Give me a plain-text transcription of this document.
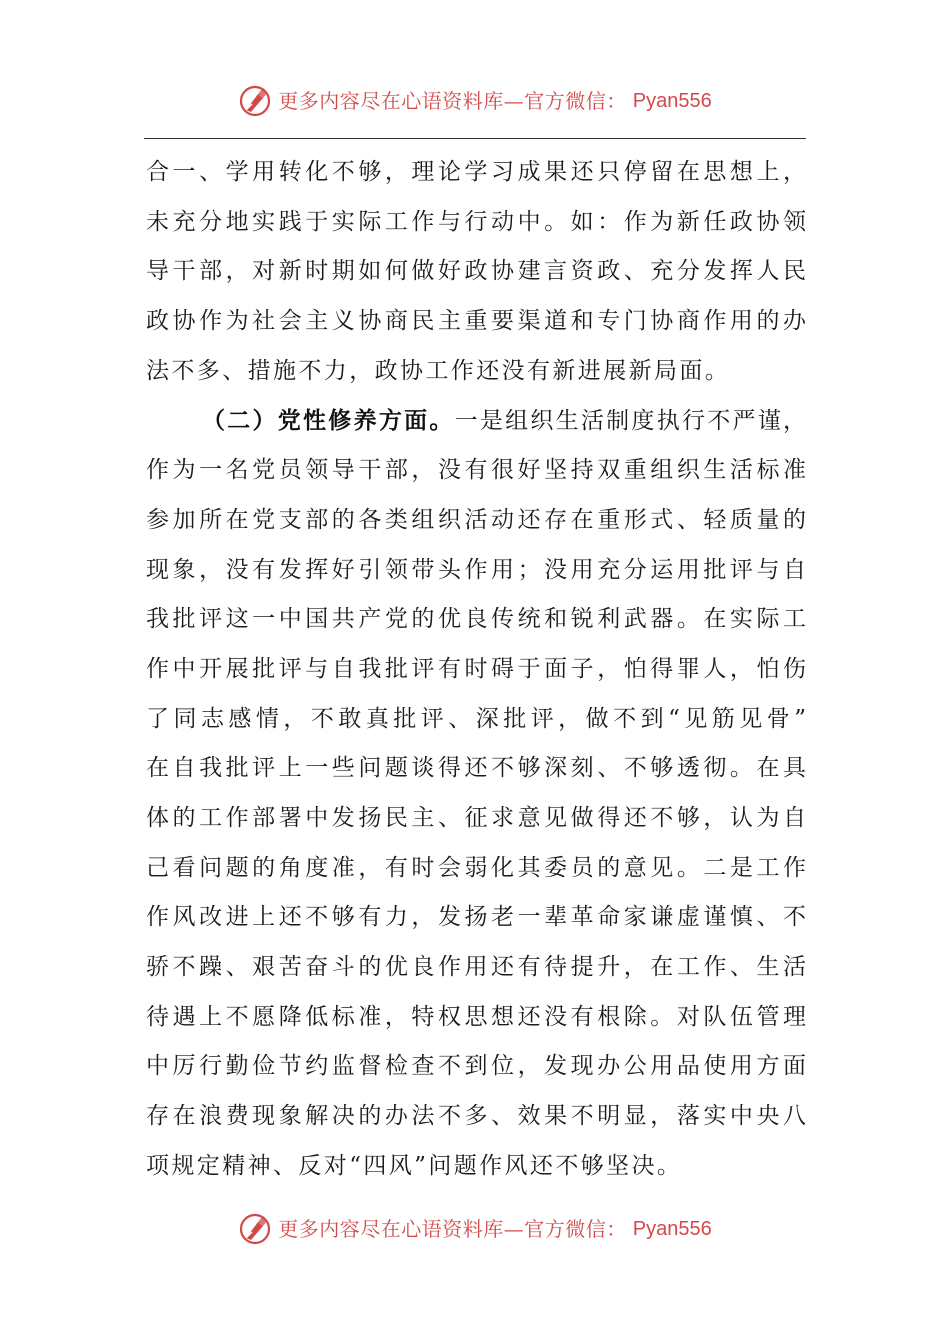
更多内容尽在心语资料库—官方微信： Pyan556
合一、学用转化不够，理论学习成果还只停留在思想上，
未充分地实践于实际工作与行动中。如：作为新任政协领
导干部，对新时期如何做好政协建言资政、充分发挥人民
政协作为社会主义协商民主重要渠道和专门协商作用的办
法不多、措施不力，政协工作还没有新进展新局面。
（二）党性修养方面。一是组织生活制度执行不严谨，
作为一名党员领导干部，没有很好坚持双重组织生活标准
参加所在党支部的各类组织活动还存在重形式、轻质量的
现象，没有发挥好引领带头作用；没用充分运用批评与自
我批评这一中国共产党的优良传统和锐利武器。在实际工
作中开展批评与自我批评有时碍于面子，怕得罪人，怕伤
了同志感情，不敢真批评、深批评，做不到“见筋见骨”
在自我批评上一些问题谈得还不够深刻、不够透彻。在具
体的工作部署中发扬民主、征求意见做得还不够，认为自
己看问题的角度准，有时会弱化其委员的意见。二是工作
作风改进上还不够有力，发扬老一辈革命家谦虚谨慎、不
骄不躁、艰苦奋斗的优良作用还有待提升，在工作、生活
待遇上不愿降低标准，特权思想还没有根除。对队伍管理
中厉行勤俭节约监督检查不到位，发现办公用品使用方面
存在浪费现象解决的办法不多、效果不明显，落实中央八
项规定精神、反对“四风”问题作风还不够坚决。
更多内容尽在心语资料库—官方微信： Pyan556
